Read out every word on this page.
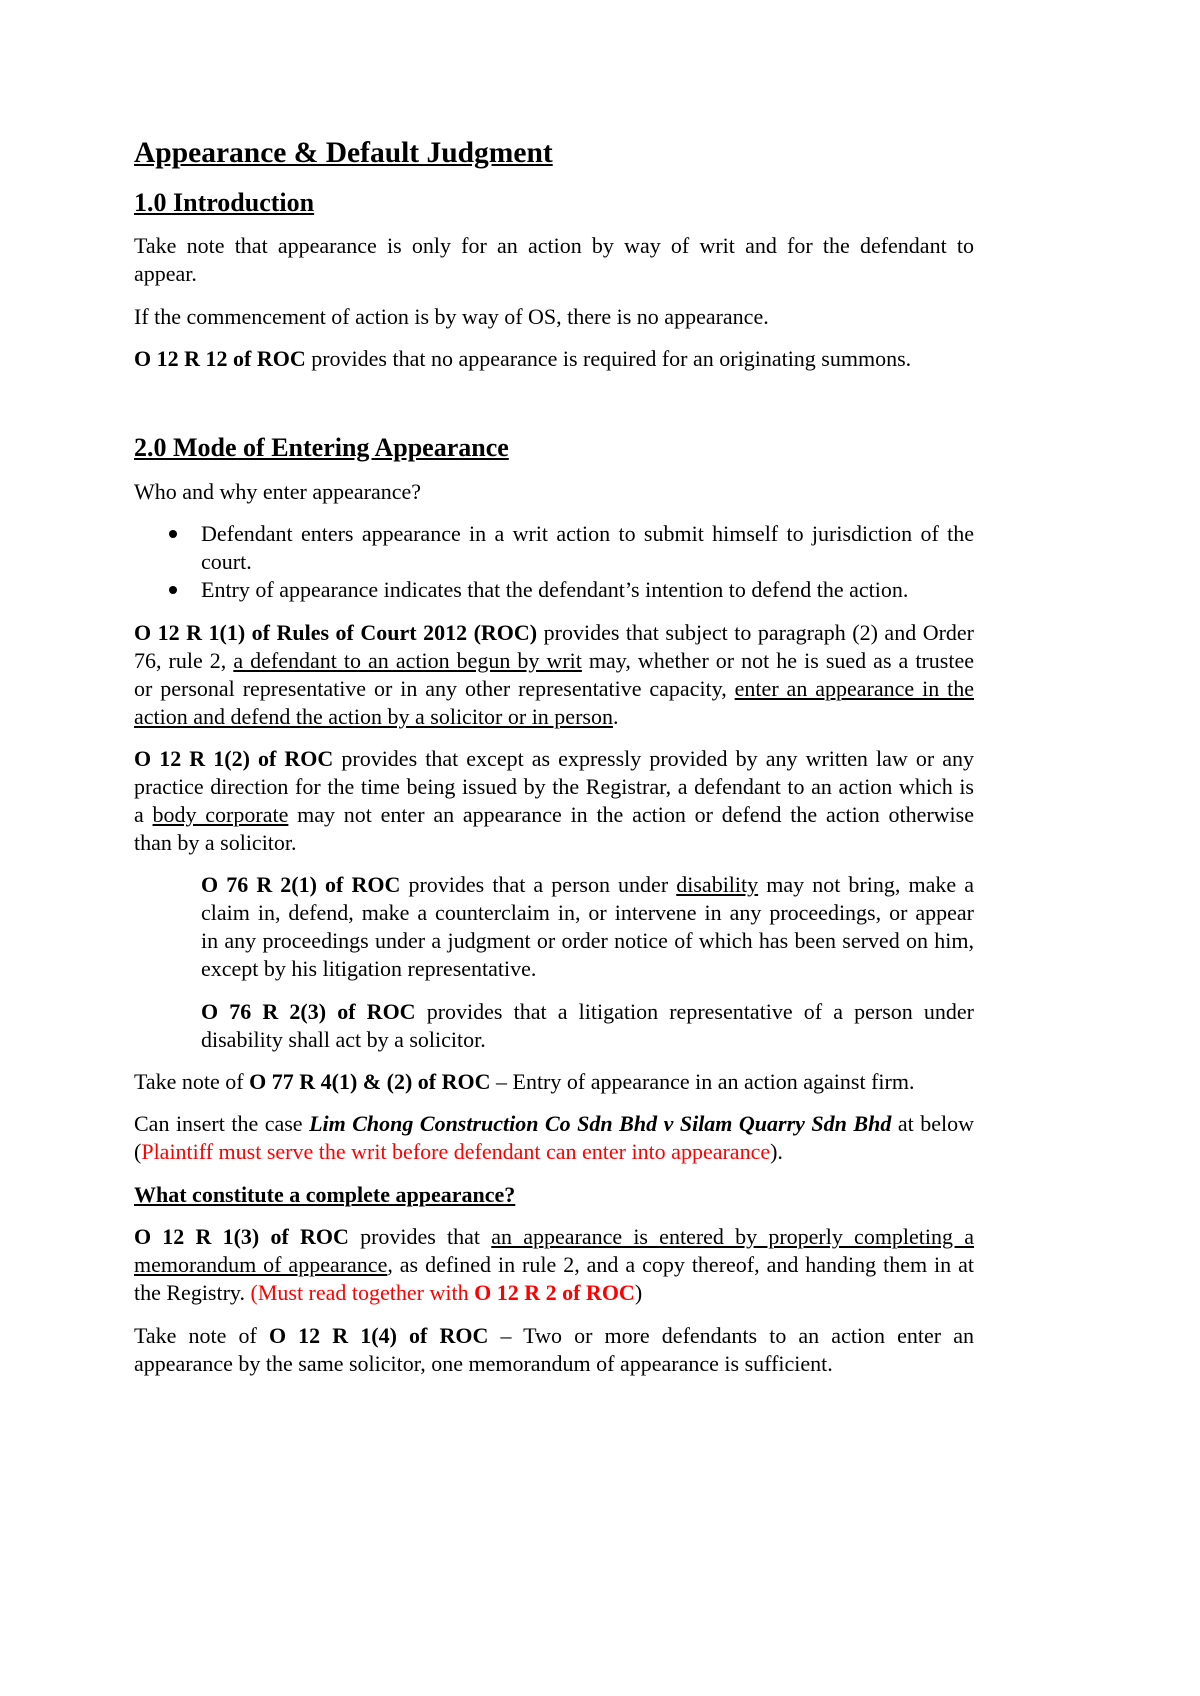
Appearance & Default Judgment
1.0 Introduction
Take note that appearance is only for an action by way of writ and for the defendant to
appear.
If the commencement of action is by way of OS, there is no appearance.
O 12 R 12 of ROC provides that no appearance is required for an originating summons.
2.0 Mode of Entering Appearance
Who and why enter appearance?
Defendant enters appearance in a writ action to submit himself to jurisdiction of the
court.
Entry of appearance indicates that the defendant’s intention to defend the action.
O 12 R 1(1) of Rules of Court 2012 (ROC) provides that subject to paragraph (2) and Order
76, rule 2, a defendant to an action begun by writ may, whether or not he is sued as a trustee
or personal representative or in any other representative capacity, enter an appearance in the
action and defend the action by a solicitor or in person.
O 12 R 1(2) of ROC provides that except as expressly provided by any written law or any
practice direction for the time being issued by the Registrar, a defendant to an action which is
a body corporate may not enter an appearance in the action or defend the action otherwise
than by a solicitor.
O 76 R 2(1) of ROC provides that a person under disability may not bring, make a
claim in, defend, make a counterclaim in, or intervene in any proceedings, or appear
in any proceedings under a judgment or order notice of which has been served on him,
except by his litigation representative.
O 76 R 2(3) of ROC provides that a litigation representative of a person under
disability shall act by a solicitor.
Take note of O 77 R 4(1) & (2) of ROC – Entry of appearance in an action against firm.
Can insert the case Lim Chong Construction Co Sdn Bhd v Silam Quarry Sdn Bhd at below
(Plaintiff must serve the writ before defendant can enter into appearance).
What constitute a complete appearance?
O 12 R 1(3) of ROC provides that an appearance is entered by properly completing a
memorandum of appearance, as defined in rule 2, and a copy thereof, and handing them in at
the Registry. (Must read together with O 12 R 2 of ROC)
Take note of O 12 R 1(4) of ROC – Two or more defendants to an action enter an
appearance by the same solicitor, one memorandum of appearance is sufficient.
